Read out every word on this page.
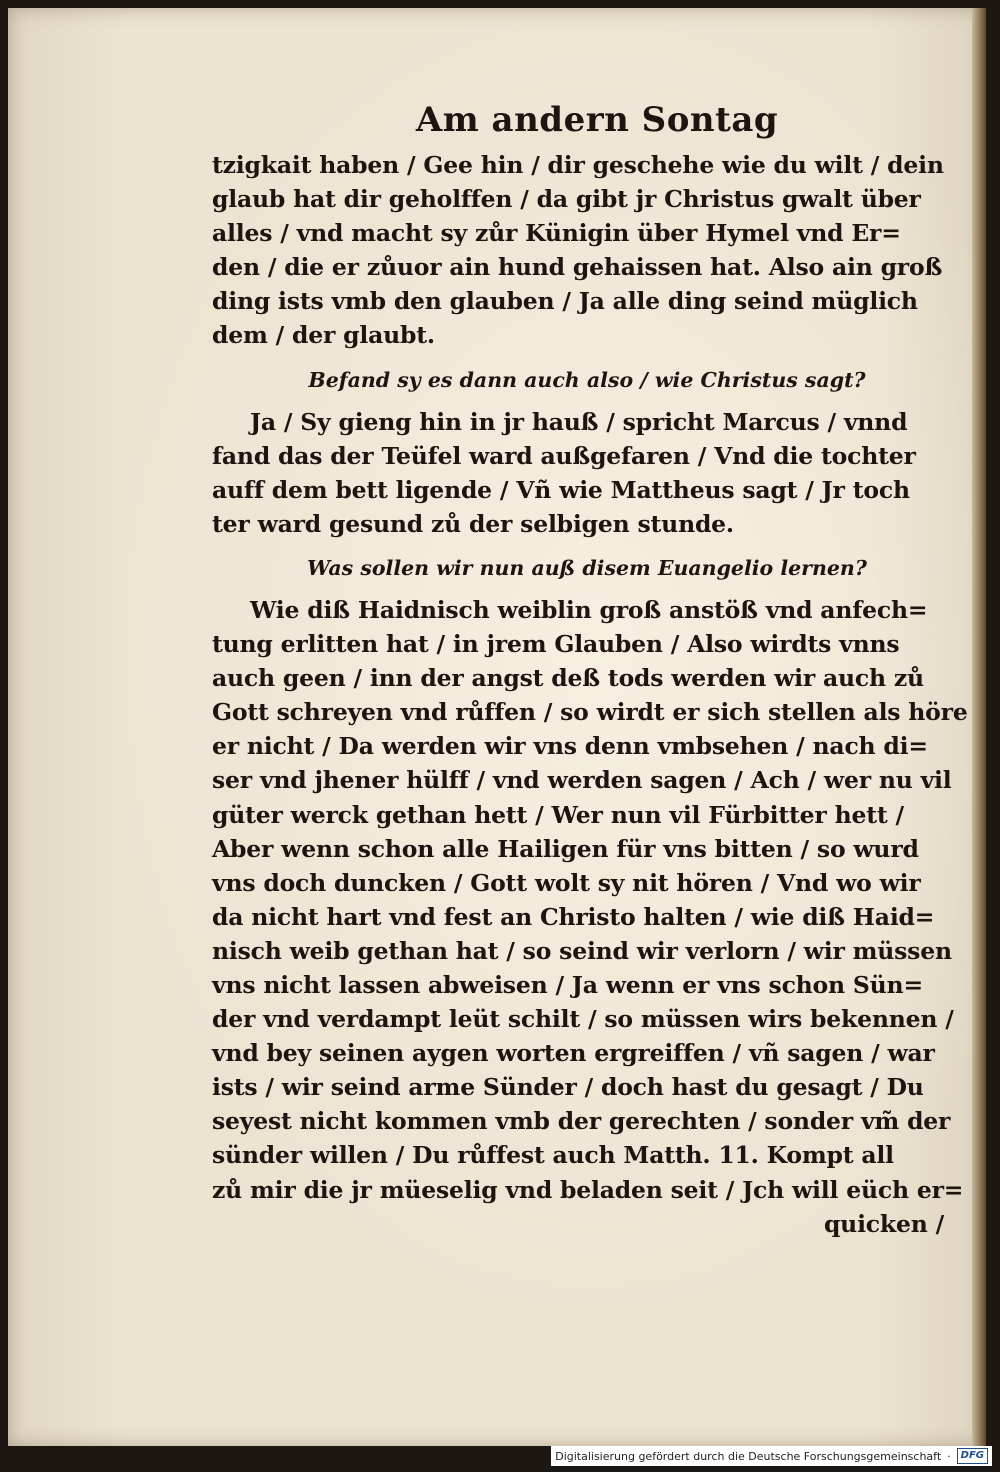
Am andern Sontag
tzigkait haben / Gee hin / dir geschehe wie du wilt / dein
glaub hat dir geholffen / da gibt jr Christus gwalt über
alles / vnd macht sy zůr Künigin über Hymel vnd Er=
den / die er zůuor ain hund gehaissen hat. Also ain groß
ding ists vmb den glauben / Ja alle ding seind müglich
dem / der glaubt.
Befand sy es dann auch also / wie Christus sagt?
Ja / Sy gieng hin in jr hauß / spricht Marcus / vnnd
fand das der Teüfel ward außgefaren / Vnd die tochter
auff dem bett ligende / Vñ wie Mattheus sagt / Jr toch
ter ward gesund zů der selbigen stunde.
Was sollen wir nun auß disem Euangelio lernen?
Wie diß Haidnisch weiblin groß anstöß vnd anfech=
tung erlitten hat / in jrem Glauben / Also wirdts vnns
auch geen / inn der angst deß tods werden wir auch zů
Gott schreyen vnd růffen / so wirdt er sich stellen als höre
er nicht / Da werden wir vns denn vmbsehen / nach di=
ser vnd jhener hülff / vnd werden sagen / Ach / wer nu vil
güter werck gethan hett / Wer nun vil Fürbitter hett /
Aber wenn schon alle Hailigen für vns bitten / so wurd
vns doch duncken / Gott wolt sy nit hören / Vnd wo wir
da nicht hart vnd fest an Christo halten / wie diß Haid=
nisch weib gethan hat / so seind wir verlorn / wir müssen
vns nicht lassen abweisen / Ja wenn er vns schon Sün=
der vnd verdampt leüt schilt / so müssen wirs bekennen /
vnd bey seinen aygen worten ergreiffen / vñ sagen / war
ists / wir seind arme Sünder / doch hast du gesagt / Du
seyest nicht kommen vmb der gerechten / sonder vm̃ der
sünder willen / Du růffest auch Matth. 11. Kompt all
zů mir die jr müeselig vnd beladen seit / Jch will eüch er=
quicken /
Digitalisierung gefördert durch die Deutsche Forschungsgemeinschaft ·	DFG
